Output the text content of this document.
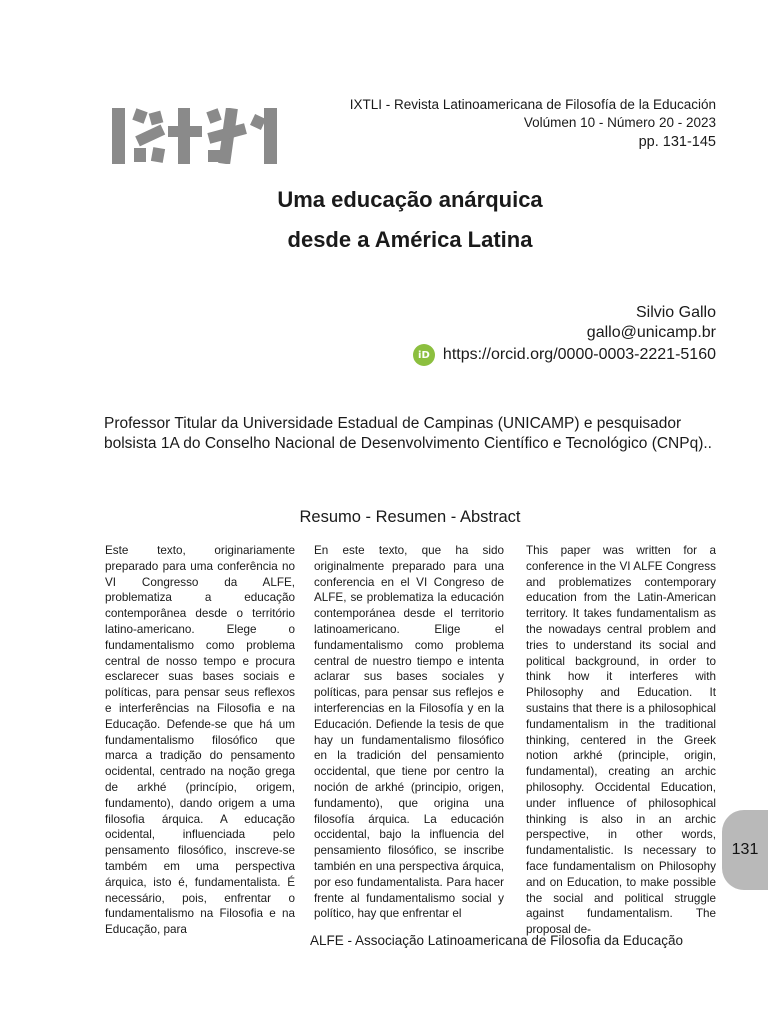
IXTLI - Revista Latinoamericana de Filosofía de la Educación
Volúmen 10 - Número 20 - 2023
pp. 131-145
Uma educação anárquica
desde a América Latina
Silvio Gallo
gallo@unicamp.br
iD https://orcid.org/0000-0003-2221-5160
Professor Titular da Universidade Estadual de Campinas (UNICAMP) e pesquisador bolsista 1A do Conselho Nacional de Desenvolvimento Científico e Tecnológico (CNPq)..
Resumo - Resumen - Abstract
Este texto, originariamente preparado para uma conferência no VI Congresso da ALFE, problematiza a educação contemporânea desde o território latino-americano. Elege o fundamentalismo como problema central de nosso tempo e procura esclarecer suas bases sociais e políticas, para pensar seus reflexos e interferências na Filosofia e na Educação. Defende-se que há um fundamentalismo filosófico que marca a tradição do pensamento ocidental, centrado na noção grega de arkhé (princípio, origem, fundamento), dando origem a uma filosofia árquica. A educação ocidental, influenciada pelo pensamento filosófico, inscreve-se também em uma perspectiva árquica, isto é, fundamentalista. É necessário, pois, enfrentar o fundamentalismo na Filosofia e na Educação, para
En este texto, que ha sido originalmente preparado para una conferencia en el VI Congreso de ALFE, se problematiza la educación contemporánea desde el territorio latinoamericano. Elige el fundamentalismo como problema central de nuestro tiempo e intenta aclarar sus bases sociales y políticas, para pensar sus reflejos e interferencias en la Filosofía y en la Educación. Defiende la tesis de que hay un fundamentalismo filosófico en la tradición del pensamiento occidental, que tiene por centro la noción de arkhé (principio, origen, fundamento), que origina una filosofía árquica. La educación occidental, bajo la influencia del pensamiento filosófico, se inscribe también en una perspectiva árquica, por eso fundamentalista. Para hacer frente al fundamentalismo social y político, hay que enfrentar el
This paper was written for a conference in the VI ALFE Congress and problematizes contemporary education from the Latin-American territory. It takes fundamentalism as the nowadays central problem and tries to understand its social and political background, in order to think how it interferes with Philosophy and Education. It sustains that there is a philosophical fundamentalism in the traditional thinking, centered in the Greek notion arkhé (principle, origin, fundamental), creating an archic philosophy. Occidental Education, under influence of philosophical thinking is also in an archic perspective, in other words, fundamentalistic. Is necessary to face fundamentalism on Philosophy and on Education, to make possible the social and political struggle against fundamentalism. The proposal de-
ALFE - Associação Latinoamericana de Filosofia da Educação
131
